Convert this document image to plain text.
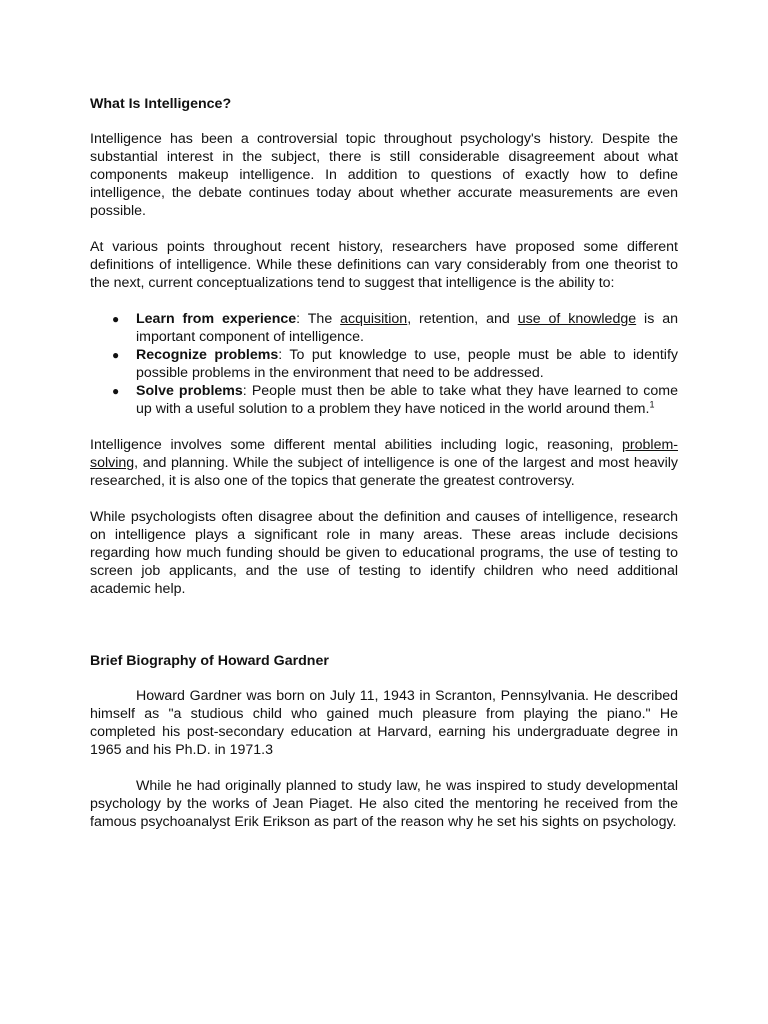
What Is Intelligence?

Intelligence has been a controversial topic throughout psychology's history. Despite the substantial interest in the subject, there is still considerable disagreement about what components makeup intelligence. In addition to questions of exactly how to define intelligence, the debate continues today about whether accurate measurements are even possible.

At various points throughout recent history, researchers have proposed some different definitions of intelligence. While these definitions can vary considerably from one theorist to the next, current conceptualizations tend to suggest that intelligence is the ability to:

● Learn from experience: The acquisition, retention, and use of knowledge is an important component of intelligence.
● Recognize problems: To put knowledge to use, people must be able to identify possible problems in the environment that need to be addressed.
● Solve problems: People must then be able to take what they have learned to come up with a useful solution to a problem they have noticed in the world around them.$^1$

Intelligence involves some different mental abilities including logic, reasoning, problem-solving, and planning. While the subject of intelligence is one of the largest and most heavily researched, it is also one of the topics that generate the greatest controversy.

While psychologists often disagree about the definition and causes of intelligence, research on intelligence plays a significant role in many areas. These areas include decisions regarding how much funding should be given to educational programs, the use of testing to screen job applicants, and the use of testing to identify children who need additional academic help.

Brief Biography of Howard Gardner

Howard Gardner was born on July 11, 1943 in Scranton, Pennsylvania. He described himself as "a studious child who gained much pleasure from playing the piano." He completed his post-secondary education at Harvard, earning his undergraduate degree in 1965 and his Ph.D. in 1971.3

While he had originally planned to study law, he was inspired to study developmental psychology by the works of Jean Piaget. He also cited the mentoring he received from the famous psychoanalyst Erik Erikson as part of the reason why he set his sights on psychology.
